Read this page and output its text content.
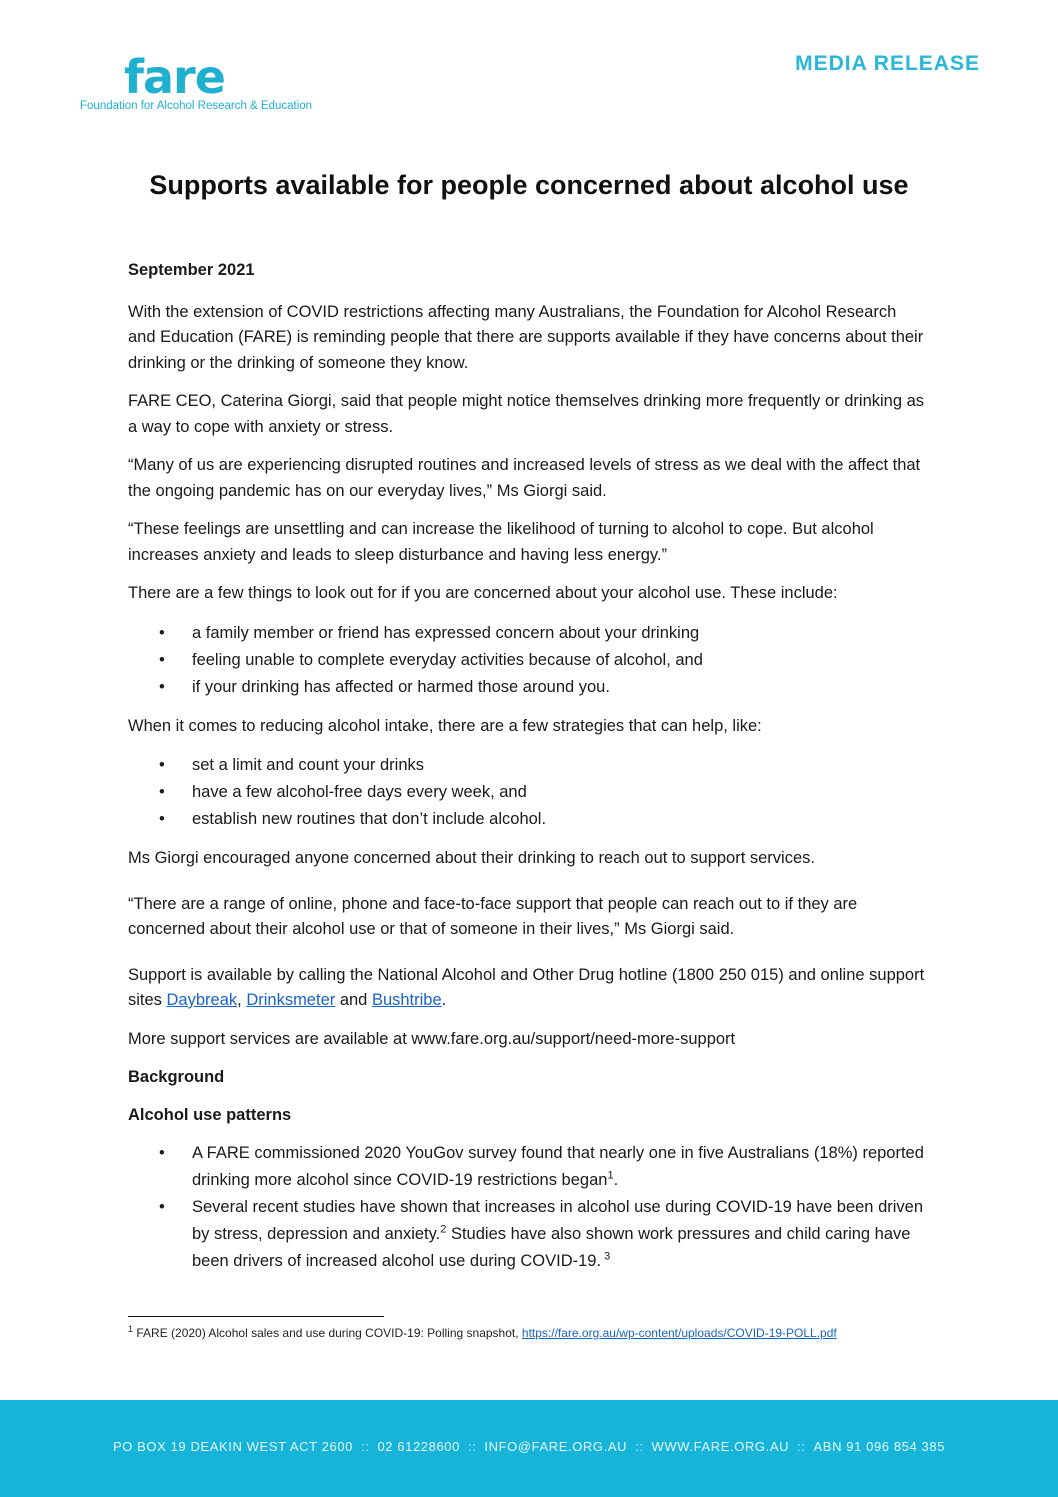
fare
Foundation for Alcohol Research & Education
MEDIA RELEASE
Supports available for people concerned about alcohol use

September 2021

With the extension of COVID restrictions affecting many Australians, the Foundation for Alcohol Research and Education (FARE) is reminding people that there are supports available if they have concerns about their drinking or the drinking of someone they know.

FARE CEO, Caterina Giorgi, said that people might notice themselves drinking more frequently or drinking as a way to cope with anxiety or stress.

“Many of us are experiencing disrupted routines and increased levels of stress as we deal with the affect that the ongoing pandemic has on our everyday lives,” Ms Giorgi said.

“These feelings are unsettling and can increase the likelihood of turning to alcohol to cope. But alcohol increases anxiety and leads to sleep disturbance and having less energy.”

There are a few things to look out for if you are concerned about your alcohol use. These include:

• a family member or friend has expressed concern about your drinking
• feeling unable to complete everyday activities because of alcohol, and
• if your drinking has affected or harmed those around you.

When it comes to reducing alcohol intake, there are a few strategies that can help, like:

• set a limit and count your drinks
• have a few alcohol-free days every week, and
• establish new routines that don’t include alcohol.

Ms Giorgi encouraged anyone concerned about their drinking to reach out to support services.

“There are a range of online, phone and face-to-face support that people can reach out to if they are concerned about their alcohol use or that of someone in their lives,” Ms Giorgi said.

Support is available by calling the National Alcohol and Other Drug hotline (1800 250 015) and online support sites Daybreak, Drinksmeter and Bushtribe.

More support services are available at www.fare.org.au/support/need-more-support

Background

Alcohol use patterns

• A FARE commissioned 2020 YouGov survey found that nearly one in five Australians (18%) reported drinking more alcohol since COVID-19 restrictions began$^1$.
• Several recent studies have shown that increases in alcohol use during COVID-19 have been driven by stress, depression and anxiety.$^2$ Studies have also shown work pressures and child caring have been drivers of increased alcohol use during COVID-19. $^3$
$^1$ FARE (2020) Alcohol sales and use during COVID-19: Polling snapshot, https://fare.org.au/wp-content/uploads/COVID-19-POLL.pdf
PO BOX 19 DEAKIN WEST ACT 2600 :: 02 61228600 :: INFO@FARE.ORG.AU :: WWW.FARE.ORG.AU :: ABN 91 096 854 385
